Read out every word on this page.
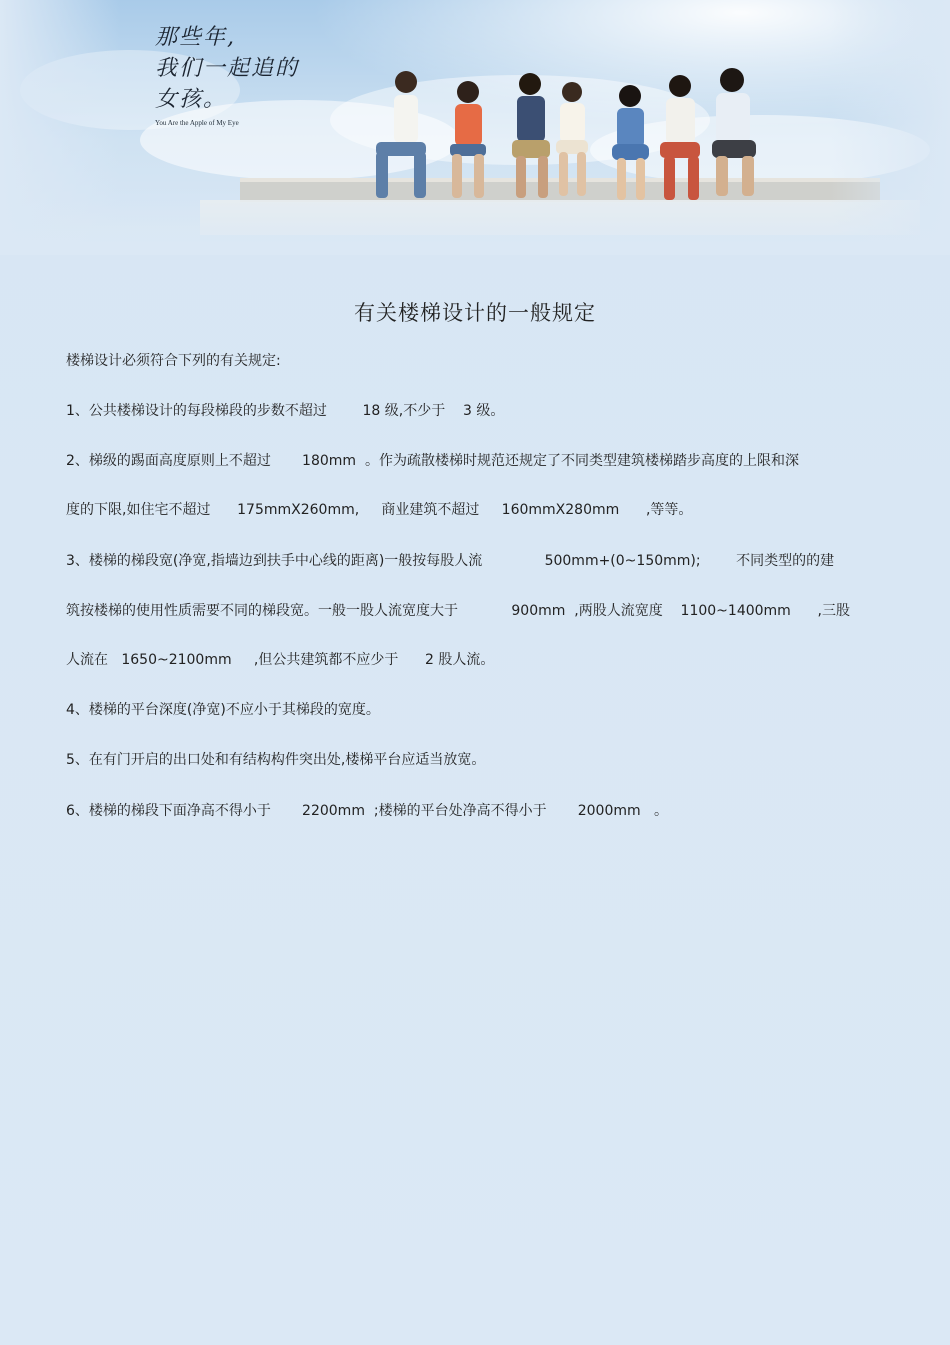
那些年,
我们一起追的
女孩。
You Are the Apple of My Eye
有关楼梯设计的一般规定
楼梯设计必须符合下列的有关规定:
1、公共楼梯设计的每段梯段的步数不超过        18 级,不少于    3 级。
2、梯级的踢面高度原则上不超过       180mm  。作为疏散楼梯时规范还规定了不同类型建筑楼梯踏步高度的上限和深
度的下限,如住宅不超过      175mmX260mm,     商业建筑不超过     160mmX280mm      ,等等。
3、楼梯的梯段宽(净宽,指墙边到扶手中心线的距离)一般按每股人流              500mm+(0~150mm);        不同类型的的建
筑按楼梯的使用性质需要不同的梯段宽。一般一股人流宽度大于            900mm  ,两股人流宽度    1100~1400mm      ,三股
人流在   1650~2100mm     ,但公共建筑都不应少于      2 股人流。
4、楼梯的平台深度(净宽)不应小于其梯段的宽度。
5、在有门开启的出口处和有结构构件突出处,楼梯平台应适当放宽。
6、楼梯的梯段下面净高不得小于       2200mm  ;楼梯的平台处净高不得小于       2000mm   。
